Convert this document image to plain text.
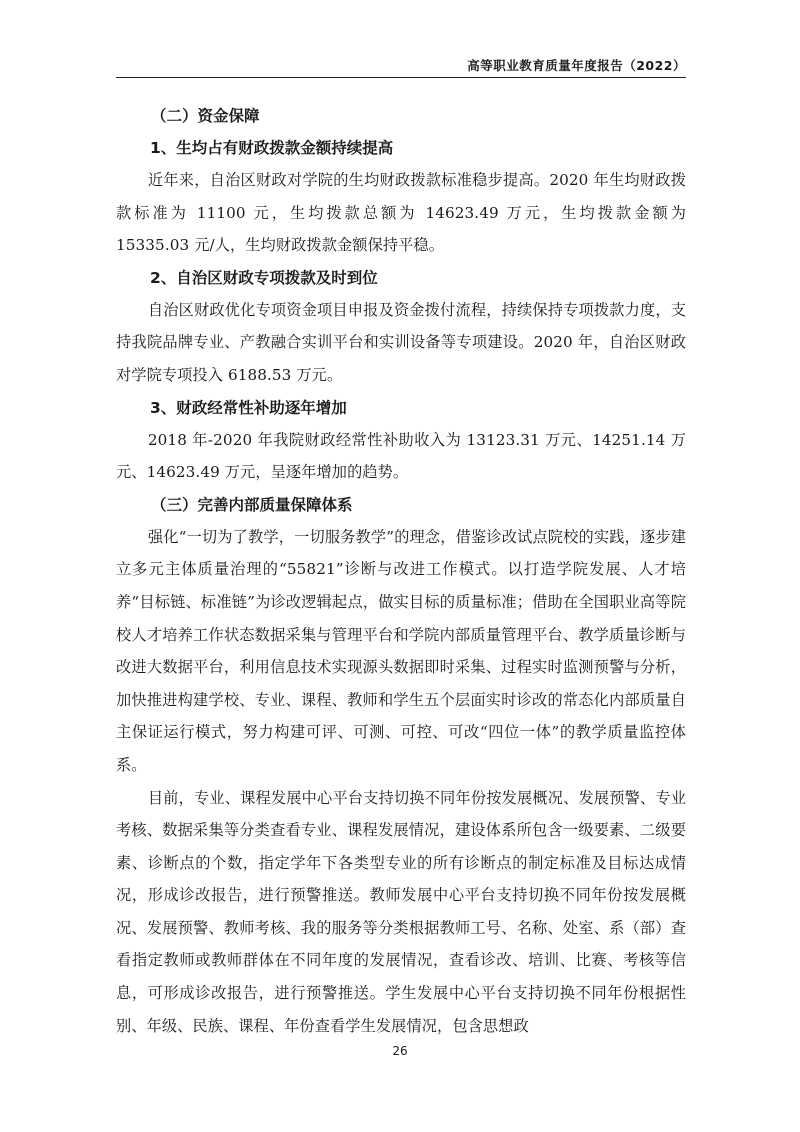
高等职业教育质量年度报告（2022）
（二）资金保障
1、生均占有财政拨款金额持续提高

近年来，自治区财政对学院的生均财政拨款标准稳步提高。2020 年生均财政拨款标准为 11100 元，生均拨款总额为 14623.49 万元，生均拨款金额为 15335.03 元/人，生均财政拨款金额保持平稳。

2、自治区财政专项拨款及时到位

自治区财政优化专项资金项目申报及资金拨付流程，持续保持专项拨款力度，支持我院品牌专业、产教融合实训平台和实训设备等专项建设。2020 年，自治区财政对学院专项投入 6188.53 万元。

3、财政经常性补助逐年增加

2018 年-2020 年我院财政经常性补助收入为 13123.31 万元、14251.14 万元、14623.49 万元，呈逐年增加的趋势。

（三）完善内部质量保障体系

强化“一切为了教学，一切服务教学”的理念，借鉴诊改试点院校的实践，逐步建立多元主体质量治理的“55821”诊断与改进工作模式。以打造学院发展、人才培养“目标链、标准链”为诊改逻辑起点，做实目标的质量标准；借助在全国职业高等院校人才培养工作状态数据采集与管理平台和学院内部质量管理平台、教学质量诊断与改进大数据平台，利用信息技术实现源头数据即时采集、过程实时监测预警与分析，加快推进构建学校、专业、课程、教师和学生五个层面实时诊改的常态化内部质量自主保证运行模式，努力构建可评、可测、可控、可改“四位一体”的教学质量监控体系。

目前，专业、课程发展中心平台支持切换不同年份按发展概况、发展预警、专业考核、数据采集等分类查看专业、课程发展情况，建设体系所包含一级要素、二级要素、诊断点的个数，指定学年下各类型专业的所有诊断点的制定标准及目标达成情况，形成诊改报告，进行预警推送。教师发展中心平台支持切换不同年份按发展概况、发展预警、教师考核、我的服务等分类根据教师工号、名称、处室、系（部）查看指定教师或教师群体在不同年度的发展情况，查看诊改、培训、比赛、考核等信息，可形成诊改报告，进行预警推送。学生发展中心平台支持切换不同年份根据性别、年级、民族、课程、年份查看学生发展情况，包含思想政

26
